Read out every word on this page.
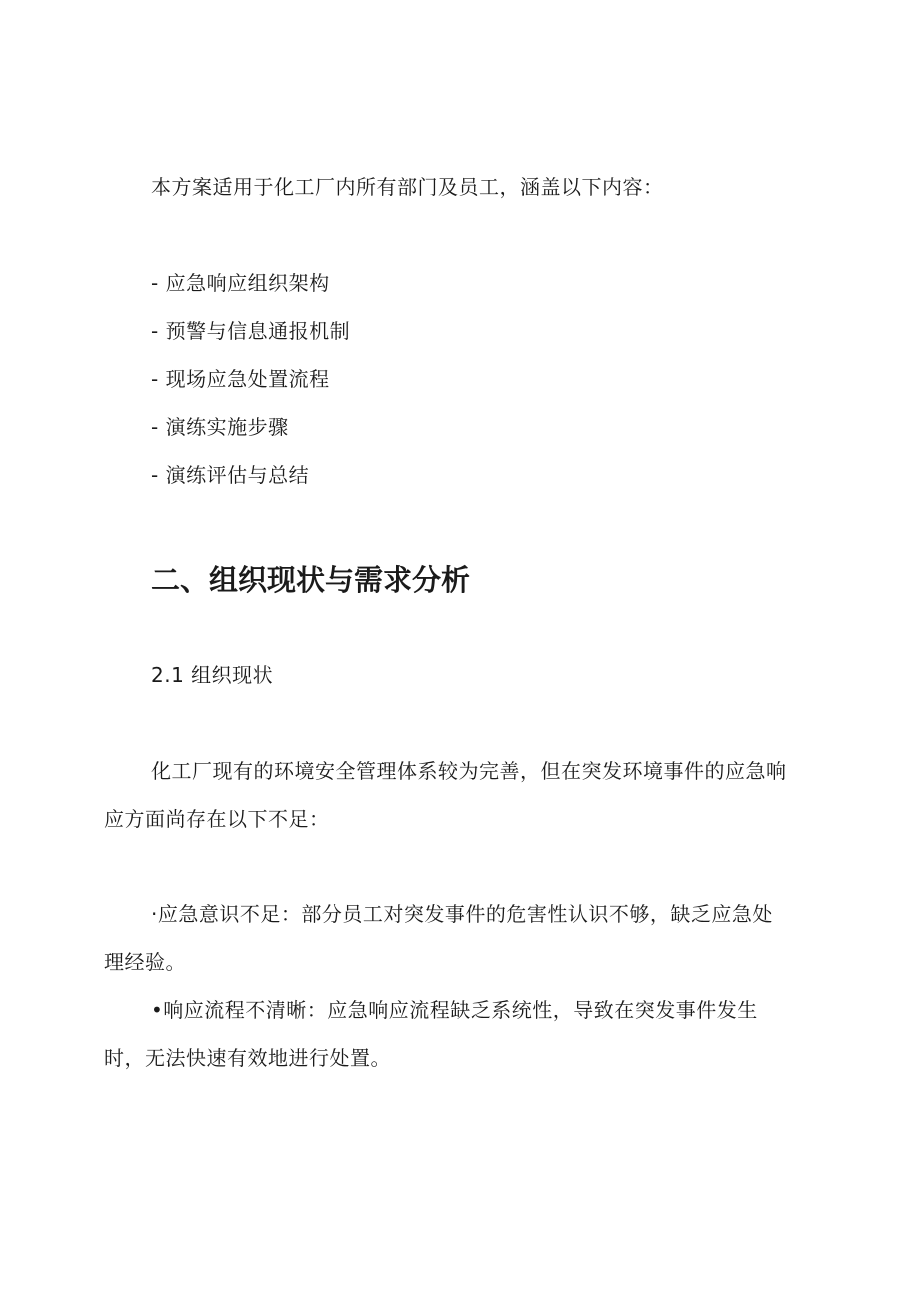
本方案适用于化工厂内所有部门及员工，涵盖以下内容：
- 应急响应组织架构
- 预警与信息通报机制
- 现场应急处置流程
- 演练实施步骤
- 演练评估与总结
二、组织现状与需求分析
2.1 组织现状
化工厂现有的环境安全管理体系较为完善，但在突发环境事件的应急响
应方面尚存在以下不足：
·应急意识不足：部分员工对突发事件的危害性认识不够，缺乏应急处
理经验。
•响应流程不清晰：应急响应流程缺乏系统性，导致在突发事件发生
时，无法快速有效地进行处置。
